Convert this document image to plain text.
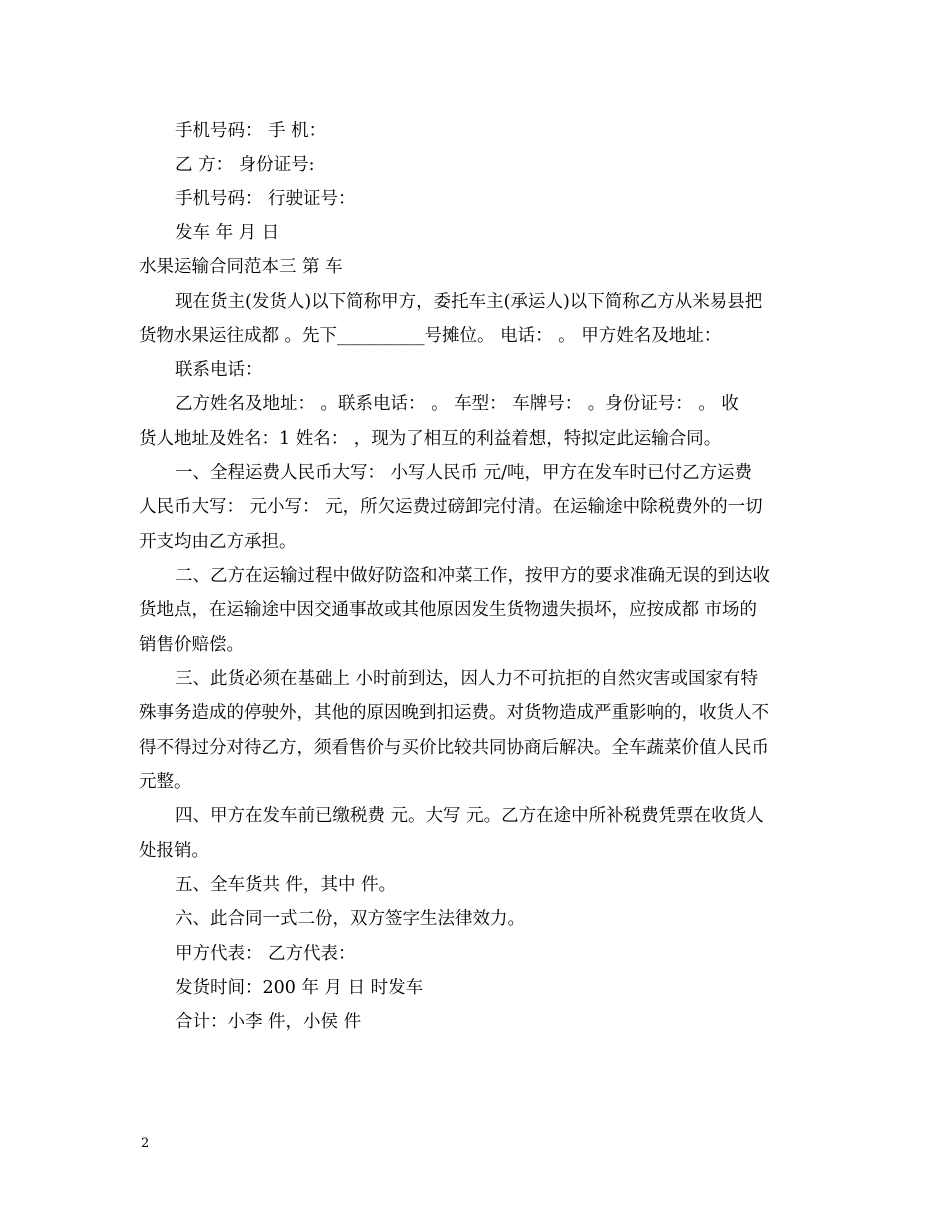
手机号码： 手 机：
乙 方： 身份证号:
手机号码： 行驶证号：
发车 年 月 日
水果运输合同范本三 第 车
现在货主(发货人)以下简称甲方，委托车主(承运人)以下简称乙方从米易县把
货物水果运往成都 。先下__________号摊位。 电话： 。 甲方姓名及地址：
联系电话：
乙方姓名及地址： 。联系电话： 。 车型： 车牌号： 。身份证号： 。 收
货人地址及姓名：1 姓名： ，现为了相互的利益着想，特拟定此运输合同。
一、全程运费人民币大写： 小写人民币 元/吨，甲方在发车时已付乙方运费
人民币大写： 元小写： 元，所欠运费过磅卸完付清。在运输途中除税费外的一切
开支均由乙方承担。
二、乙方在运输过程中做好防盗和冲菜工作，按甲方的要求准确无误的到达收
货地点，在运输途中因交通事故或其他原因发生货物遗失损坏，应按成都 市场的
销售价赔偿。
三、此货必须在基础上 小时前到达，因人力不可抗拒的自然灾害或国家有特
殊事务造成的停驶外，其他的原因晚到扣运费。对货物造成严重影响的，收货人不
得不得过分对待乙方，须看售价与买价比较共同协商后解决。全车蔬菜价值人民币
元整。
四、甲方在发车前已缴税费 元。大写 元。乙方在途中所补税费凭票在收货人
处报销。
五、全车货共 件，其中 件。
六、此合同一式二份，双方签字生法律效力。
甲方代表： 乙方代表：
发货时间：200 年 月 日 时发车
合计：小李 件，小侯 件
2
